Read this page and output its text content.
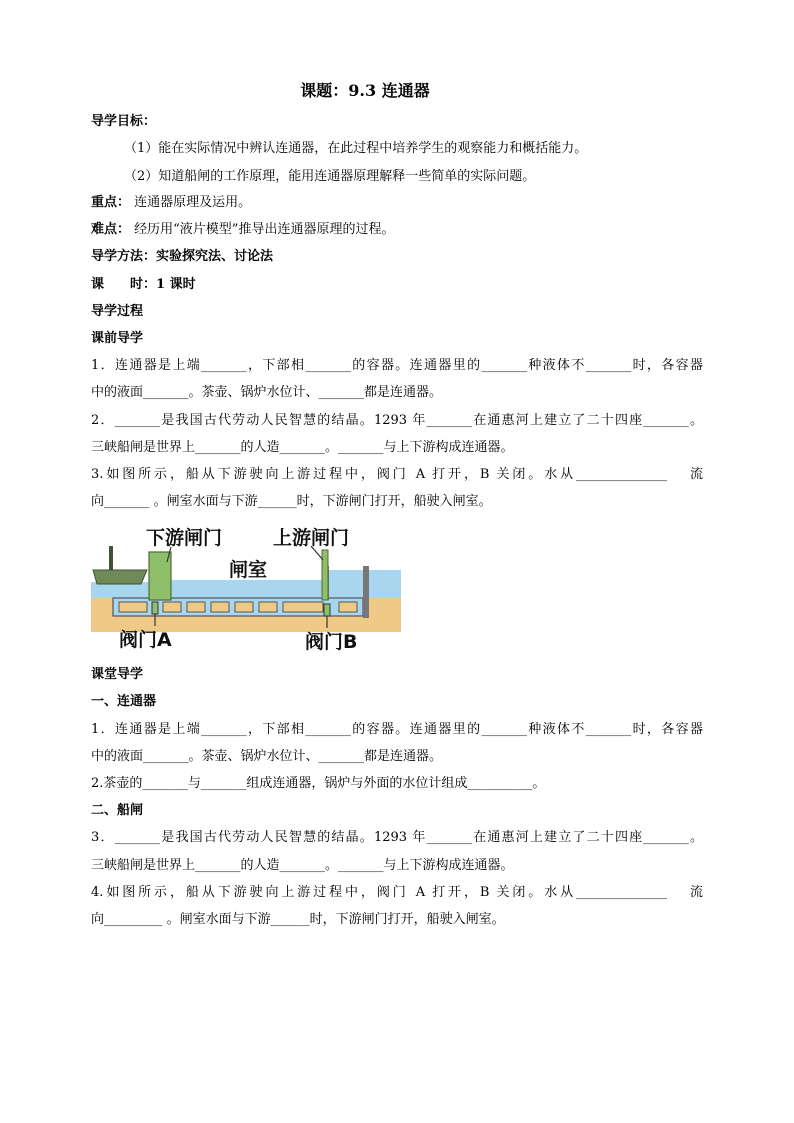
课题：9.3 连通器
导学目标：
（1）能在实际情况中辨认连通器，在此过程中培养学生的观察能力和概括能力。
（2）知道船闸的工作原理，能用连通器原理解释一些简单的实际问题。
重点： 连通器原理及运用。
难点： 经历用“液片模型”推导出连通器原理的过程。
导学方法：实验探究法、讨论法
课　　时：1 课时
导学过程
课前导学
1．连通器是上端_______，下部相_______的容器。连通器里的_______种液体不_______时，各容器
中的液面_______。茶壶、锅炉水位计、_______都是连通器。
2．_______是我国古代劳动人民智慧的结晶。1293 年_______在通惠河上建立了二十四座_______。
三峡船闸是世界上_______的人造_______。_______与上下游构成连通器。
3.如图所示，船从下游驶向上游过程中，阀门 A 打开，B 关闭。水从______________ 　流
向_______ 。闸室水面与下游______时，下游闸门打开，船驶入闸室。
下游闸门	上游闸门
闸室
阀门A	阀门B
课堂导学
一、连通器
1．连通器是上端_______，下部相_______的容器。连通器里的_______种液体不_______时，各容器
中的液面_______。茶壶、锅炉水位计、_______都是连通器。
2.茶壶的_______与_______组成连通器，锅炉与外面的水位计组成__________。
二、船闸
3．_______是我国古代劳动人民智慧的结晶。1293 年_______在通惠河上建立了二十四座_______。
三峡船闸是世界上_______的人造_______。_______与上下游构成连通器。
4.如图所示，船从下游驶向上游过程中，阀门 A 打开，B 关闭。水从______________ 　流
向_________ 。闸室水面与下游______时，下游闸门打开，船驶入闸室。
